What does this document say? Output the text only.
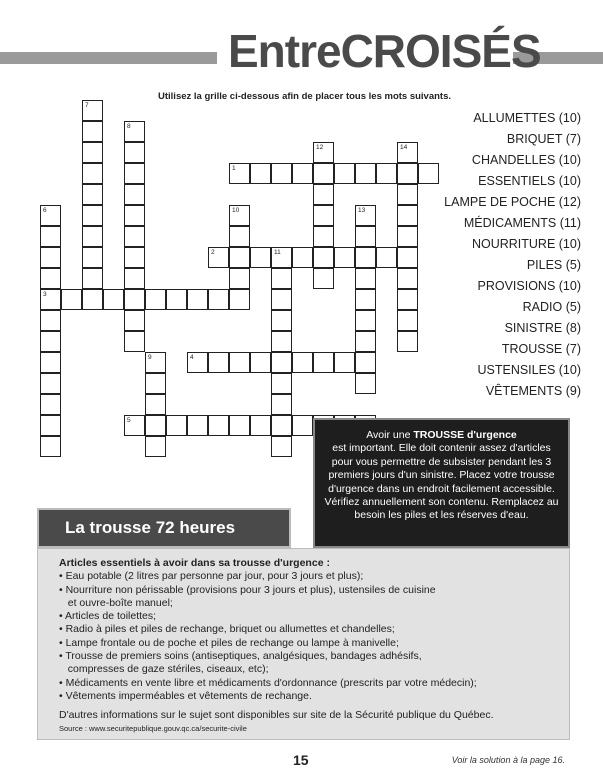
EntreCROISÉS
Utilisez la grille ci-dessous afin de placer tous les mots suivants.
1
2
3
4
5
6
7
8
9
10
11
12
13
14
ALLUMETTES (10)
BRIQUET (7)
CHANDELLES (10)
ESSENTIELS (10)
LAMPE DE POCHE (12)
MÉDICAMENTS (11)
NOURRITURE (10)
PILES (5)
PROVISIONS (10)
RADIO (5)
SINISTRE (8)
TROUSSE (7)
USTENSILES (10)
VÊTEMENTS (9)
Avoir une TROUSSE d'urgence
est important. Elle doit contenir assez d'articles pour vous permettre de subsister pendant les 3 premiers jours d'un sinistre. Placez votre trousse d'urgence dans un endroit facilement accessible. Vérifiez annuellement son contenu. Remplacez au besoin les piles et les réserves d'eau.
La trousse 72 heures
Articles essentiels à avoir dans sa trousse d'urgence :
• Eau potable (2 litres par personne par jour, pour 3 jours et plus);
• Nourriture non périssable (provisions pour 3 jours et plus), ustensiles de cuisine
et ouvre-boîte manuel;
• Articles de toilettes;
• Radio à piles et piles de rechange, briquet ou allumettes et chandelles;
• Lampe frontale ou de poche et piles de rechange ou lampe à manivelle;
• Trousse de premiers soins (antiseptiques, analgésiques, bandages adhésifs,
compresses de gaze stériles, ciseaux, etc);
• Médicaments en vente libre et médicaments d'ordonnance (prescrits par votre médecin);
• Vêtements imperméables et vêtements de rechange.
D'autres informations sur le sujet sont disponibles sur site de la Sécurité publique du Québec.
Source : www.securitepublique.gouv.qc.ca/securite-civile
15	Voir la solution à la page 16.
